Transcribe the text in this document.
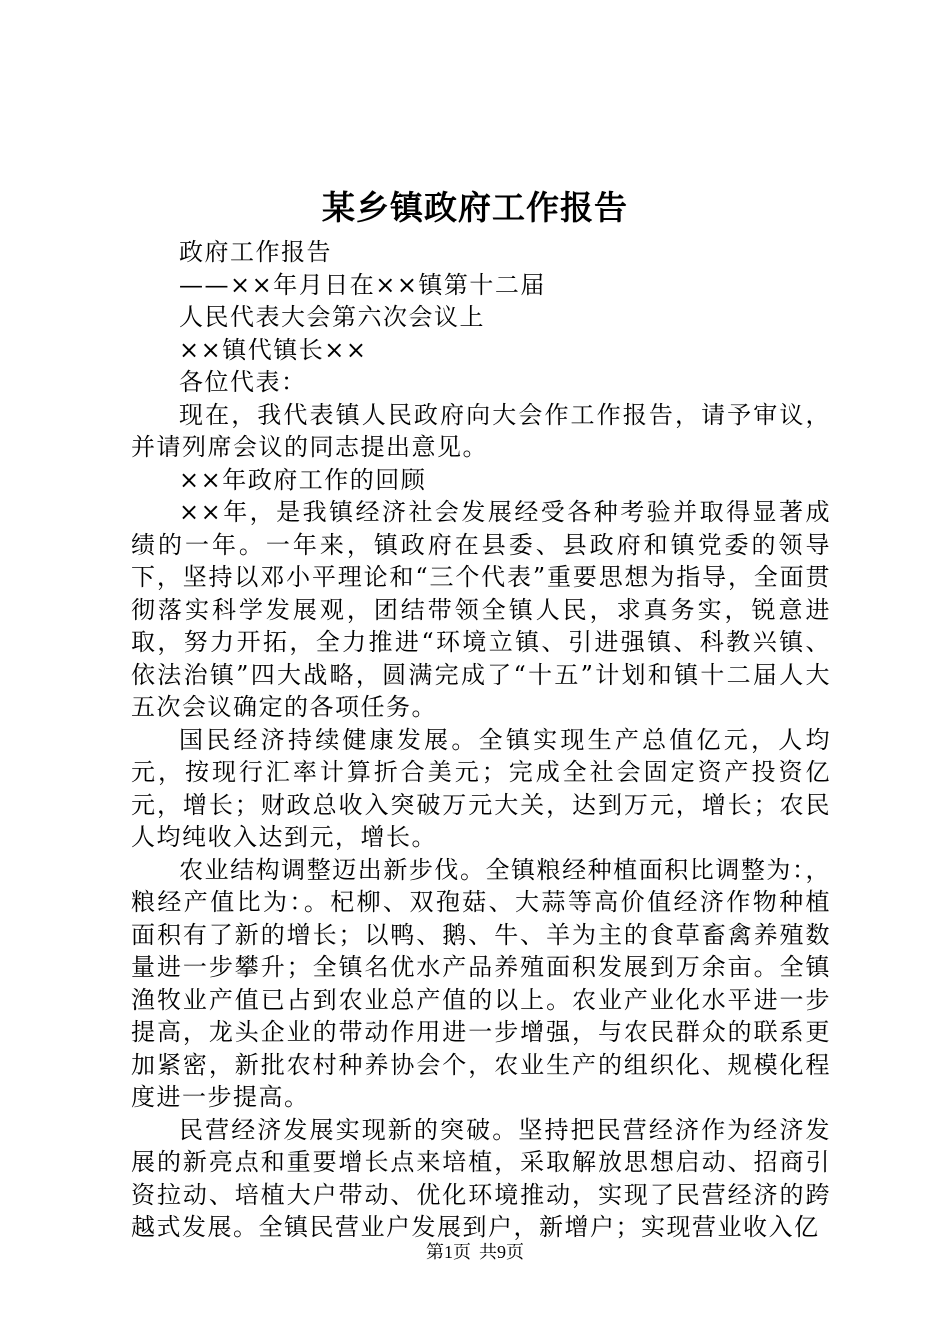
某乡镇政府工作报告

政府工作报告

——××年月日在××镇第十二届

人民代表大会第六次会议上

××镇代镇长××

各位代表：

现在，我代表镇人民政府向大会作工作报告，请予审议，并请列席会议的同志提出意见。

××年政府工作的回顾

××年，是我镇经济社会发展经受各种考验并取得显著成绩的一年。一年来，镇政府在县委、县政府和镇党委的领导下，坚持以邓小平理论和“三个代表”重要思想为指导，全面贯彻落实科学发展观，团结带领全镇人民，求真务实，锐意进取，努力开拓，全力推进“环境立镇、引进强镇、科教兴镇、依法治镇”四大战略，圆满完成了“十五”计划和镇十二届人大五次会议确定的各项任务。

国民经济持续健康发展。全镇实现生产总值亿元，人均元，按现行汇率计算折合美元；完成全社会固定资产投资亿元，增长；财政总收入突破万元大关，达到万元，增长；农民人均纯收入达到元，增长。

农业结构调整迈出新步伐。全镇粮经种植面积比调整为：，粮经产值比为：。杞柳、双孢菇、大蒜等高价值经济作物种植面积有了新的增长；以鸭、鹅、牛、羊为主的食草畜禽养殖数量进一步攀升；全镇名优水产品养殖面积发展到万余亩。全镇渔牧业产值已占到农业总产值的以上。农业产业化水平进一步提高，龙头企业的带动作用进一步增强，与农民群众的联系更加紧密，新批农村种养协会个，农业生产的组织化、规模化程度进一步提高。

民营经济发展实现新的突破。坚持把民营经济作为经济发展的新亮点和重要增长点来培植，采取解放思想启动、招商引资拉动、培植大户带动、优化环境推动，实现了民营经济的跨越式发展。全镇民营业户发展到户，新增户；实现营业收入亿

第1页 共9页
